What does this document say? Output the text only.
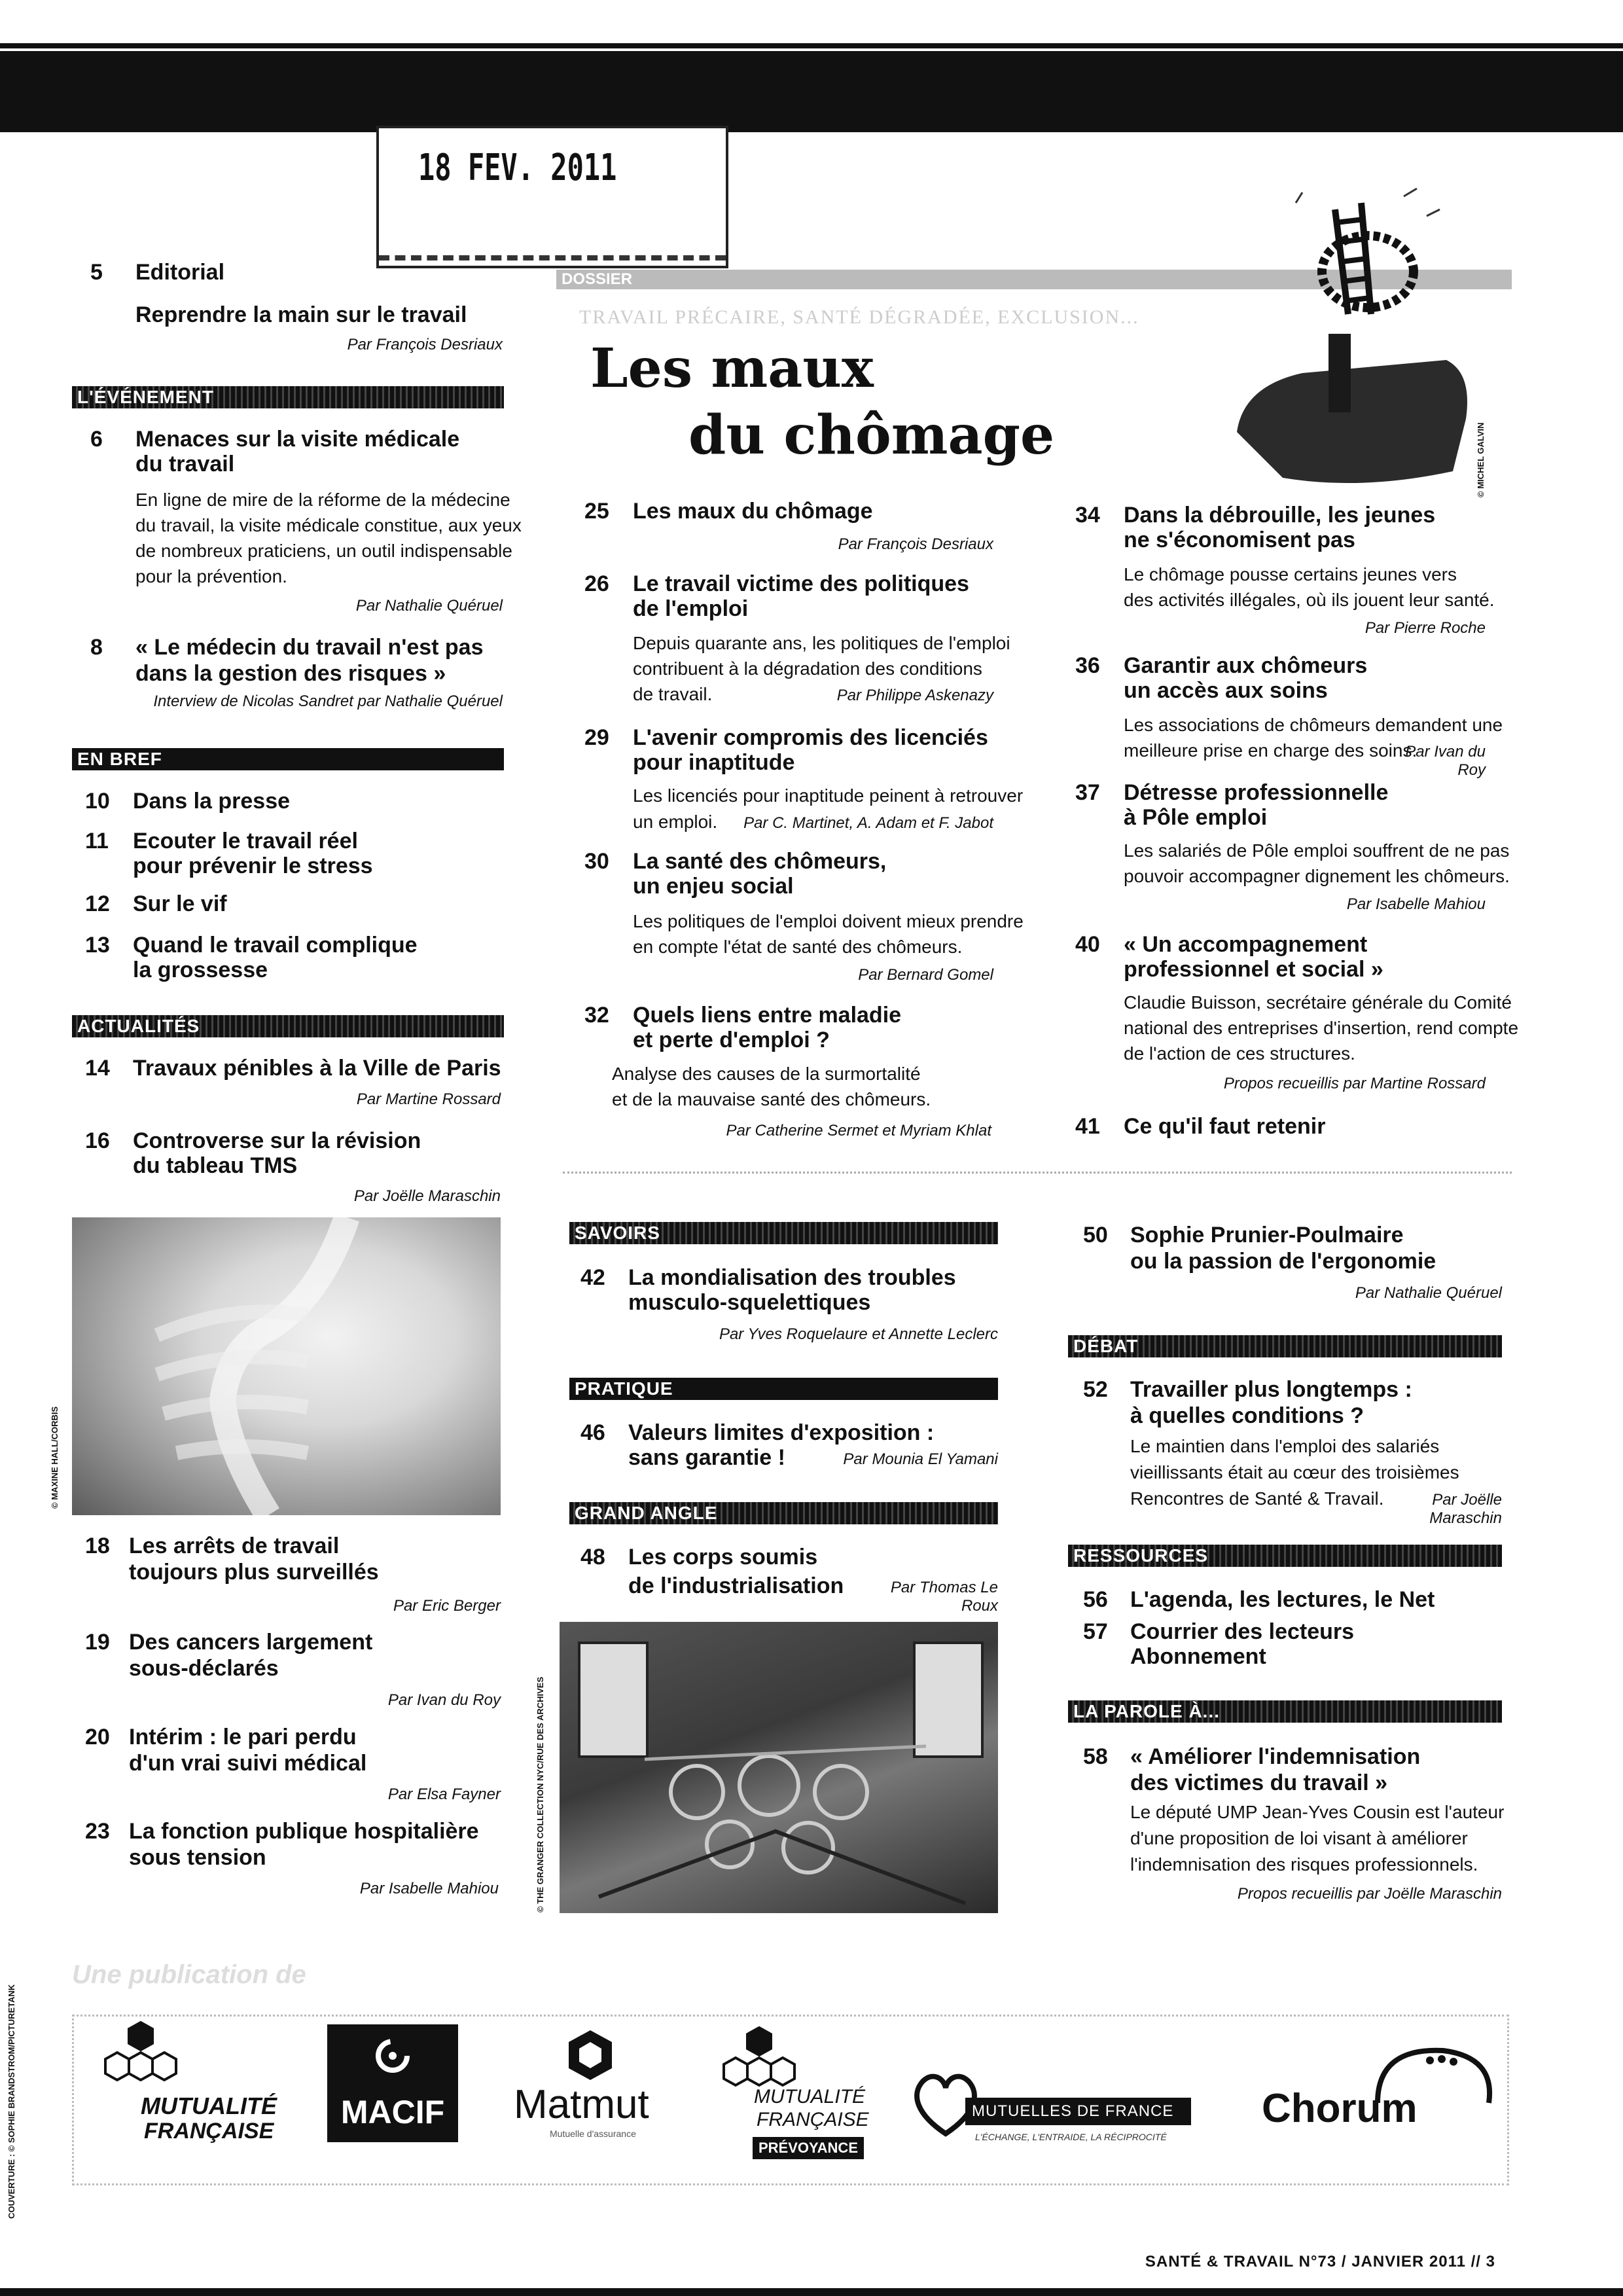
18 FEV. 2011
5 Editorial
Reprendre la main sur le travail
Par François Desriaux
L'ÉVÉNEMENT
6 Menaces sur la visite médicale
du travail
En ligne de mire de la réforme de la médecine
du travail, la visite médicale constitue, aux yeux
de nombreux praticiens, un outil indispensable
pour la prévention.
Par Nathalie Quéruel
8 « Le médecin du travail n'est pas
dans la gestion des risques »
Interview de Nicolas Sandret par Nathalie Quéruel
EN BREF
10 Dans la presse
11 Ecouter le travail réel
pour prévenir le stress
12 Sur le vif
13 Quand le travail complique
la grossesse
ACTUALITÉS
14 Travaux pénibles à la Ville de Paris
Par Martine Rossard
16 Controverse sur la révision
du tableau TMS
Par Joëlle Maraschin
© MAXINE HALL/CORBIS
18 Les arrêts de travail
toujours plus surveillés
Par Eric Berger
19 Des cancers largement
sous-déclarés
Par Ivan du Roy
20 Intérim : le pari perdu
d'un vrai suivi médical
Par Elsa Fayner
23 La fonction publique hospitalière
sous tension
Par Isabelle Mahiou
DOSSIER
TRAVAIL PRÉCAIRE, SANTÉ DÉGRADÉE, EXCLUSION...
Les maux
du chômage	© MICHEL GALVIN
25 Les maux du chômage
Par François Desriaux
26 Le travail victime des politiques
de l'emploi
Depuis quarante ans, les politiques de l'emploi
contribuent à la dégradation des conditions
de travail.	Par Philippe Askenazy
29 L'avenir compromis des licenciés
pour inaptitude
Les licenciés pour inaptitude peinent à retrouver
un emploi.	Par C. Martinet, A. Adam et F. Jabot
30 La santé des chômeurs,
un enjeu social
Les politiques de l'emploi doivent mieux prendre
en compte l'état de santé des chômeurs.
Par Bernard Gomel
32 Quels liens entre maladie
et perte d'emploi ?
Analyse des causes de la surmortalité
et de la mauvaise santé des chômeurs.
Par Catherine Sermet et Myriam Khlat
34 Dans la débrouille, les jeunes
ne s'économisent pas
Le chômage pousse certains jeunes vers
des activités illégales, où ils jouent leur santé.
Par Pierre Roche
36 Garantir aux chômeurs
un accès aux soins
Les associations de chômeurs demandent une
meilleure prise en charge des soins.
Par Ivan du Roy
37 Détresse professionnelle
à Pôle emploi
Les salariés de Pôle emploi souffrent de ne pas
pouvoir accompagner dignement les chômeurs.
Par Isabelle Mahiou
40 « Un accompagnement
professionnel et social »
Claudie Buisson, secrétaire générale du Comité
national des entreprises d'insertion, rend compte
de l'action de ces structures.
Propos recueillis par Martine Rossard
41 Ce qu'il faut retenir
SAVOIRS
42 La mondialisation des troubles
musculo-squelettiques
Par Yves Roquelaure et Annette Leclerc
PRATIQUE
46 Valeurs limites d'exposition :
sans garantie !	Par Mounia El Yamani
GRAND ANGLE
48 Les corps soumis
de l'industrialisation	Par Thomas Le Roux
© THE GRANGER COLLECTION NYC/RUE DES ARCHIVES
50 Sophie Prunier-Poulmaire
ou la passion de l'ergonomie
Par Nathalie Quéruel
DÉBAT
52 Travailler plus longtemps :
à quelles conditions ?
Le maintien dans l'emploi des salariés
vieillissants était au cœur des troisièmes
Rencontres de Santé & Travail.	Par Joëlle Maraschin
RESSOURCES
56 L'agenda, les lectures, le Net
57 Courrier des lecteurs
Abonnement
LA PAROLE À...
58 « Améliorer l'indemnisation
des victimes du travail »
Le député UMP Jean-Yves Cousin est l'auteur
d'une proposition de loi visant à améliorer
l'indemnisation des risques professionnels.
Propos recueillis par Joëlle Maraschin
Une publication de
MUTUALITÉ
FRANÇAISE
MACIF	Matmut
Mutuelle d'assurance
MUTUALITÉ
FRANÇAISE
PRÉVOYANCE
MUTUELLES DE FRANCE
L'ÉCHANGE, L'ENTRAIDE, LA RÉCIPROCITÉ
Chorum
COUVERTURE : © SOPHIE BRANDSTROM/PICTURETANK
SANTÉ & TRAVAIL N°73 / JANVIER 2011 // 3
